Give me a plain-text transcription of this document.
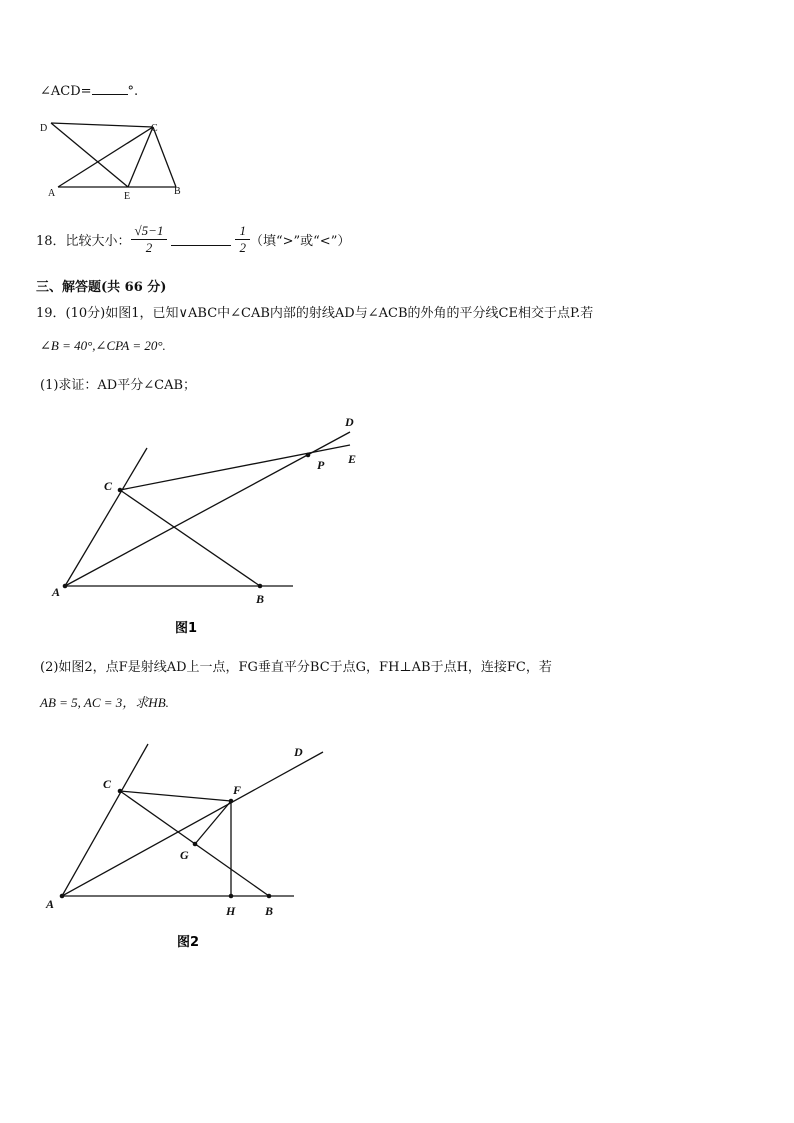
∠ACD=	°.
D	C
A	E	B
18．比较大小： $\frac{√5-1}{2}$	$\frac{1}{2}$ （填“>”或“<”）
三、解答题(共 66 分)
19．(10分)如图1，已知∨ABC中∠CAB内部的射线AD与∠ACB的外角的平分线CE相交于点P.若
∠B = 40°,∠CPA = 20°.
(1)求证：AD平分∠CAB；
D
E
P
C
A	B
图1
(2)如图2，点F是射线AD上一点，FG垂直平分BC于点G，FH⊥AB于点H，连接FC，若
AB = 5, AC = 3，求HB.
D
C	F
G
A	H B
图2
